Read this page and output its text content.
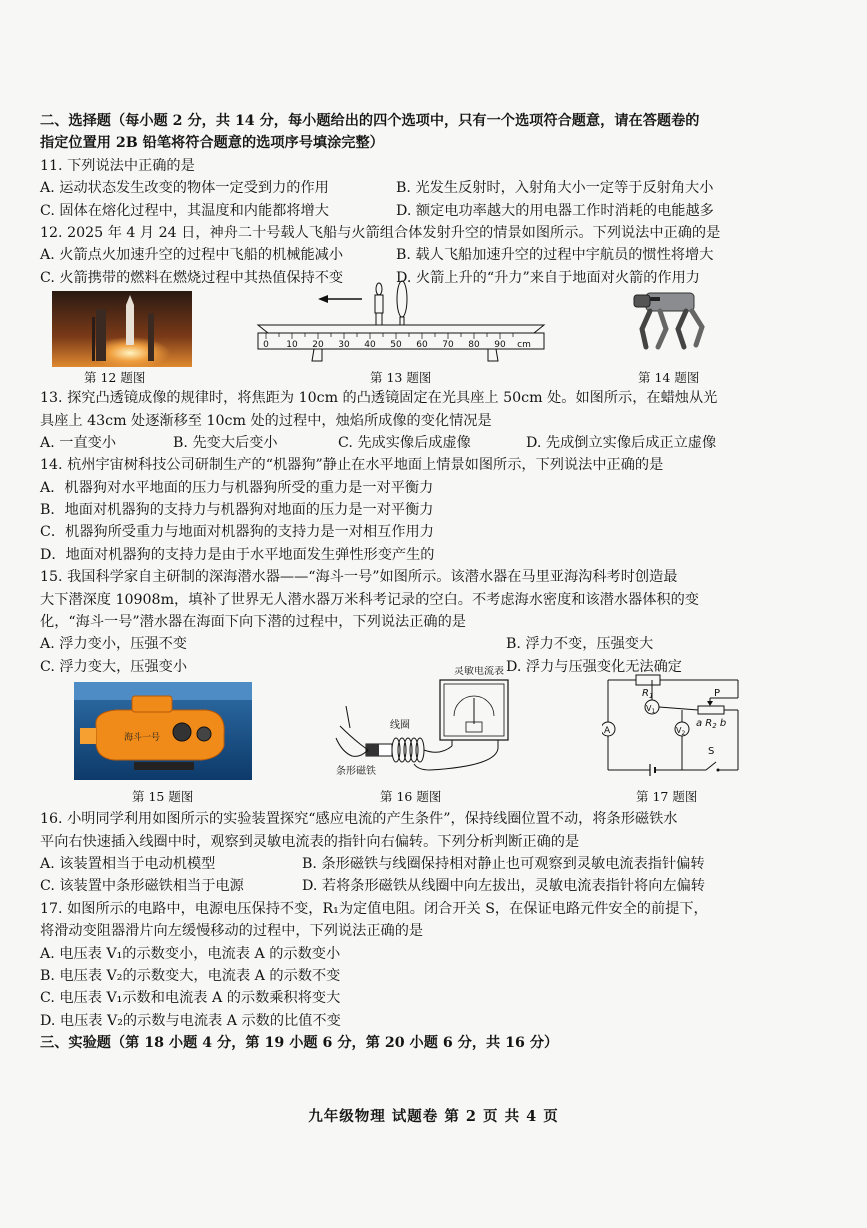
二、选择题（每小题 2 分，共 14 分，每小题给出的四个选项中，只有一个选项符合题意，请在答题卷的
指定位置用 2B 铅笔将符合题意的选项序号填涂完整）
11. 下列说法中正确的是
A. 运动状态发生改变的物体一定受到力的作用	B. 光发生反射时，入射角大小一定等于反射角大小
C. 固体在熔化过程中，其温度和内能都将增大	D. 额定电功率越大的用电器工作时消耗的电能越多
12. 2025 年 4 月 24 日，神舟二十号载人飞船与火箭组合体发射升空的情景如图所示。下列说法中正确的是
A. 火箭点火加速升空的过程中飞船的机械能减小	B. 载人飞船加速升空的过程中宇航员的惯性将增大
C. 火箭携带的燃料在燃烧过程中其热值保持不变	D. 火箭上升的“升力”来自于地面对火箭的作用力
第 12 题图
0 10 20 30 40 50 60 70 80 90 cm
第 13 题图	第 14 题图
13. 探究凸透镜成像的规律时，将焦距为 10cm 的凸透镜固定在光具座上 50cm 处。如图所示，在蜡烛从光
具座上 43cm 处逐渐移至 10cm 处的过程中，烛焰所成像的变化情况是
A. 一直变小	B. 先变大后变小	C. 先成实像后成虚像	D. 先成倒立实像后成正立虚像
14. 杭州宇宙树科技公司研制生产的“机器狗”静止在水平地面上情景如图所示，下列说法中正确的是
A．机器狗对水平地面的压力与机器狗所受的重力是一对平衡力
B．地面对机器狗的支持力与机器狗对地面的压力是一对平衡力
C．机器狗所受重力与地面对机器狗的支持力是一对相互作用力
D．地面对机器狗的支持力是由于水平地面发生弹性形变产生的
15. 我国科学家自主研制的深海潜水器——“海斗一号”如图所示。该潜水器在马里亚海沟科考时创造最
大下潜深度 10908m，填补了世界无人潜水器万米科考记录的空白。不考虑海水密度和该潜水器体积的变
化，“海斗一号”潜水器在海面下向下潜的过程中，下列说法正确的是
A. 浮力变小，压强不变	B. 浮力不变，压强变大
C. 浮力变大，压强变小	D. 浮力与压强变化无法确定
海斗一号
第 15 题图
灵敏电流表
线圈
条形磁铁
第 16 题图
$R_1$
$V_1$
A	$V_2$
P
a $R_2$ b
S
第 17 题图
16. 小明同学利用如图所示的实验装置探究“感应电流的产生条件”，保持线圈位置不动，将条形磁铁水
平向右快速插入线圈中时，观察到灵敏电流表的指针向右偏转。下列分析判断正确的是
A. 该装置相当于电动机模型	B. 条形磁铁与线圈保持相对静止也可观察到灵敏电流表指针偏转
C. 该装置中条形磁铁相当于电源	D. 若将条形磁铁从线圈中向左拔出，灵敏电流表指针将向左偏转
17. 如图所示的电路中，电源电压保持不变，R₁为定值电阻。闭合开关 S，在保证电路元件安全的前提下，
将滑动变阻器滑片向左缓慢移动的过程中，下列说法正确的是
A. 电压表 V₁的示数变小，电流表 A 的示数变小
B. 电压表 V₂的示数变大，电流表 A 的示数不变
C. 电压表 V₁示数和电流表 A 的示数乘积将变大
D. 电压表 V₂的示数与电流表 A 示数的比值不变
三、实验题（第 18 小题 4 分，第 19 小题 6 分，第 20 小题 6 分，共 16 分）
九年级物理 试题卷 第 2 页 共 4 页
